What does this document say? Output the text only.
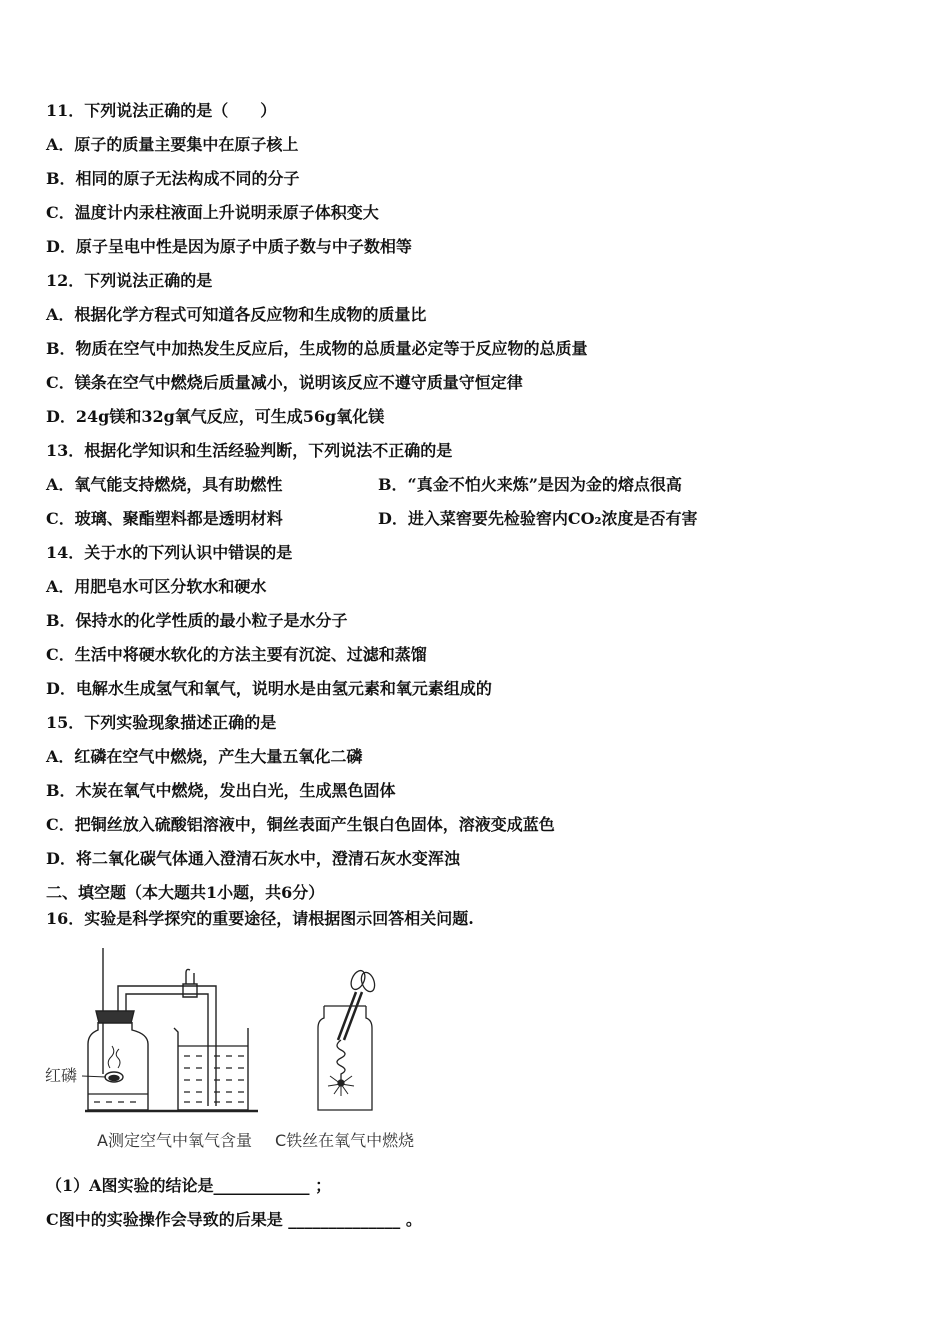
11．下列说法正确的是（　　）
A．原子的质量主要集中在原子核上
B．相同的原子无法构成不同的分子
C．温度计内汞柱液面上升说明汞原子体积变大
D．原子呈电中性是因为原子中质子数与中子数相等
12．下列说法正确的是
A．根据化学方程式可知道各反应物和生成物的质量比
B．物质在空气中加热发生反应后，生成物的总质量必定等于反应物的总质量
C．镁条在空气中燃烧后质量减小，说明该反应不遵守质量守恒定律
D．24g镁和32g氧气反应，可生成56g氧化镁
13．根据化学知识和生活经验判断，下列说法不正确的是
A．氧气能支持燃烧，具有助燃性	B．“真金不怕火来炼”是因为金的熔点很高
C．玻璃、聚酯塑料都是透明材料	D．进入菜窖要先检验窖内CO₂浓度是否有害
14．关于水的下列认识中错误的是
A．用肥皂水可区分软水和硬水
B．保持水的化学性质的最小粒子是水分子
C．生活中将硬水软化的方法主要有沉淀、过滤和蒸馏
D．电解水生成氢气和氧气，说明水是由氢元素和氧元素组成的
15．下列实验现象描述正确的是
A．红磷在空气中燃烧，产生大量五氧化二磷
B．木炭在氧气中燃烧，发出白光，生成黑色固体
C．把铜丝放入硫酸铝溶液中，铜丝表面产生银白色固体，溶液变成蓝色
D．将二氧化碳气体通入澄清石灰水中，澄清石灰水变浑浊
二、填空题（本大题共1小题，共6分）
16．实验是科学探究的重要途径，请根据图示回答相关问题.
红磷
A测定空气中氧气含量 C铁丝在氧气中燃烧
（1）A图实验的结论是____________ ；
C图中的实验操作会导致的后果是 ______________ 。
